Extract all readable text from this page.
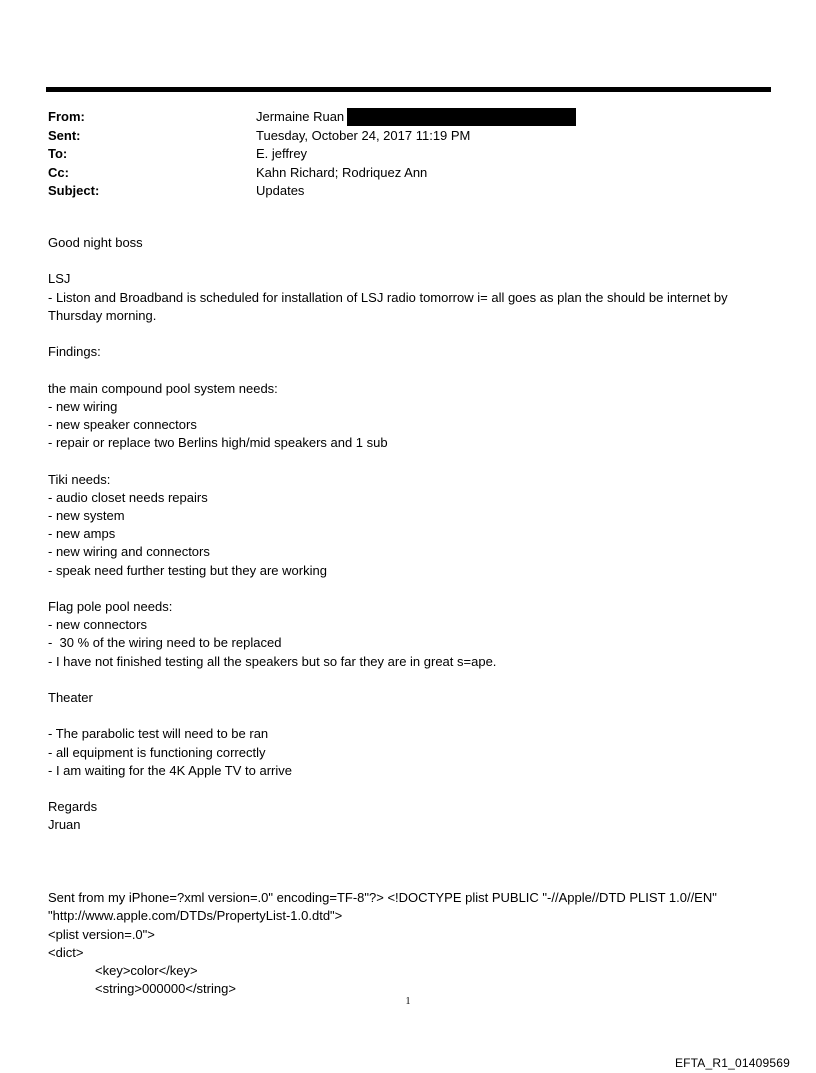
From:	Jermaine Ruan
Sent:	Tuesday, October 24, 2017 11:19 PM
To:	E. jeffrey
Cc:	Kahn Richard; Rodriquez Ann
Subject:	Updates

Good night boss

LSJ

- Liston and Broadband is scheduled for installation of LSJ radio tomorrow i= all goes as plan the should be internet by Thursday morning.

Findings:

the main compound pool system needs:

- new wiring

- new speaker connectors

- repair or replace two Berlins high/mid speakers and 1 sub

Tiki needs:

- audio closet needs repairs

- new system

- new amps

- new wiring and connectors

- speak need further testing but they are working

Flag pole pool needs:

- new connectors

-  30 % of the wiring need to be replaced

- I have not finished testing all the speakers but so far they are in great s=ape.

Theater

- The parabolic test will need to be ran

- all equipment is functioning correctly

- I am waiting for the 4K Apple TV to arrive

Regards

Jruan

Sent from my iPhone=?xml version=.0" encoding=TF-8"?> <!DOCTYPE plist PUBLIC "-//Apple//DTD PLIST 1.0//EN"

"http://www.apple.com/DTDs/PropertyList-1.0.dtd">

<plist version=.0">

<dict>

<key>color</key>

<string>000000</string>

1
EFTA_R1_01409569
